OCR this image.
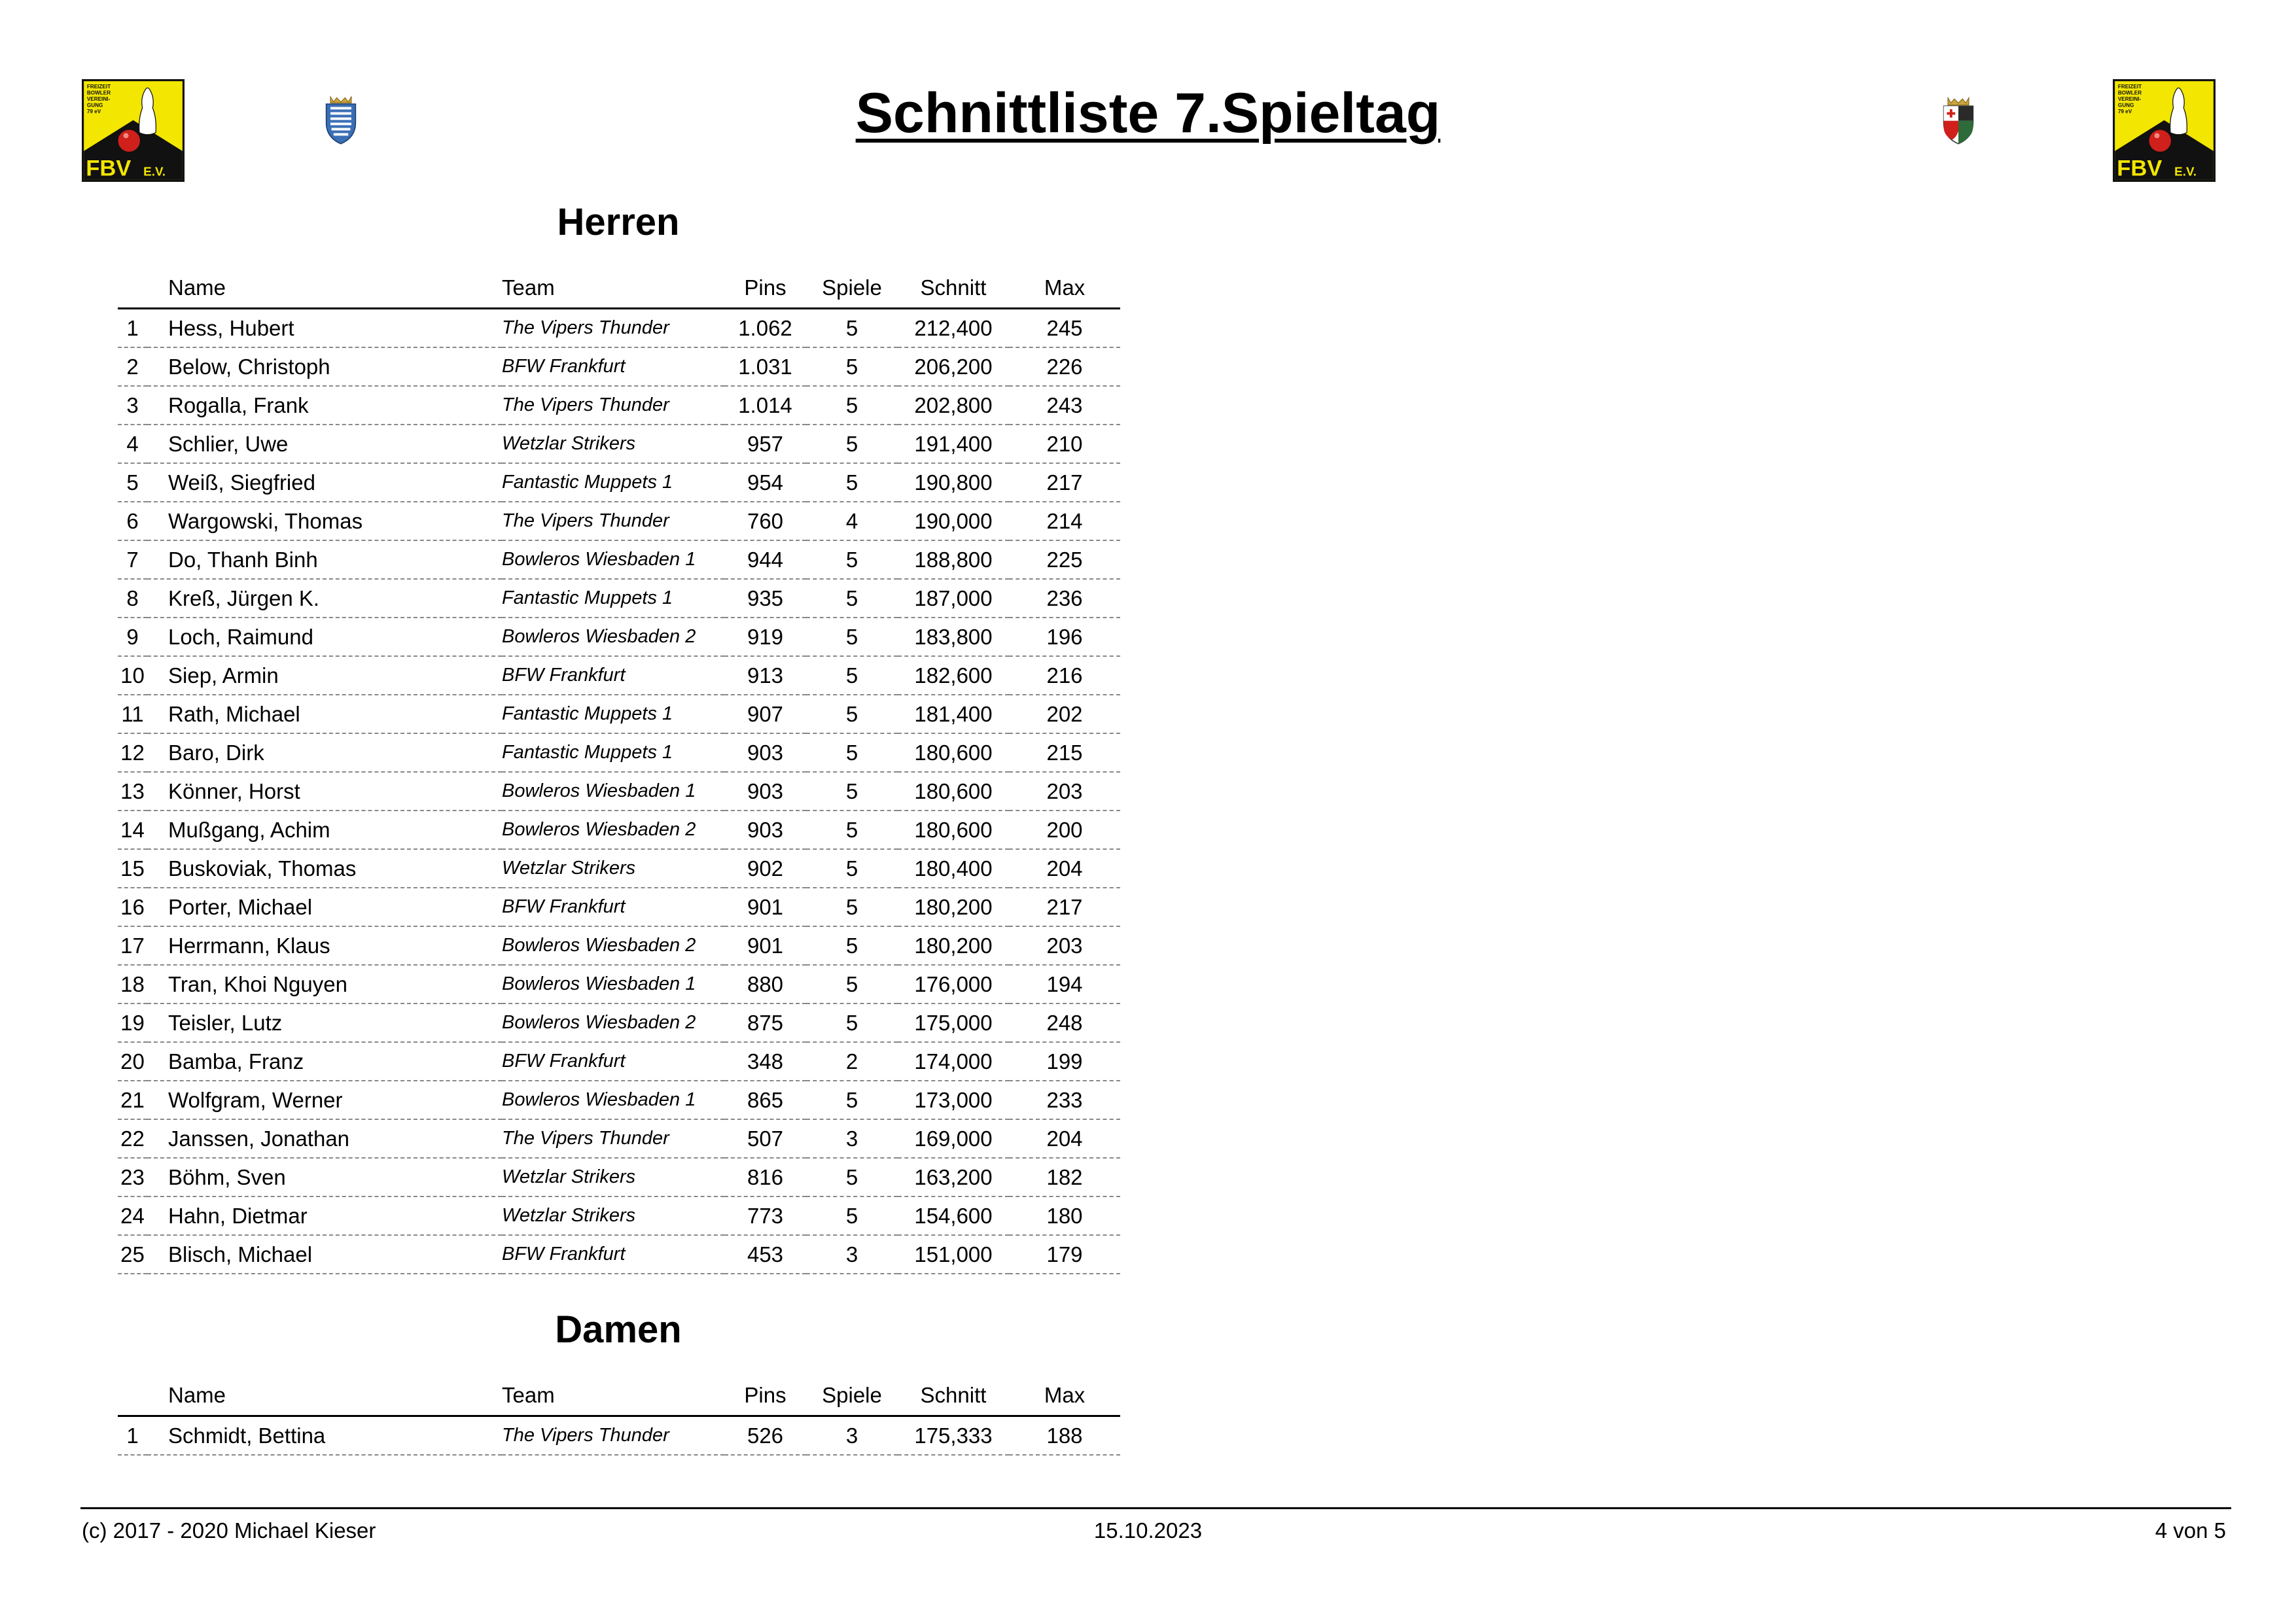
FREIZEIT
BOWLER
VEREINI-
GUNG
79 eV
FBV E.V.
Schnittliste 7.Spieltag	FREIZEIT
BOWLER
VEREINI-
GUNG
79 eV
FBV E.V.
Herren
	Name	Team	Pins	Spiele	Schnitt	Max
1	Hess, Hubert	The Vipers Thunder	1.062	5	212,400	245
2	Below, Christoph	BFW Frankfurt	1.031	5	206,200	226
3	Rogalla, Frank	The Vipers Thunder	1.014	5	202,800	243
4	Schlier, Uwe	Wetzlar Strikers	957	5	191,400	210
5	Weiß, Siegfried	Fantastic Muppets 1	954	5	190,800	217
6	Wargowski, Thomas	The Vipers Thunder	760	4	190,000	214
7	Do, Thanh Binh	Bowleros Wiesbaden 1	944	5	188,800	225
8	Kreß, Jürgen K.	Fantastic Muppets 1	935	5	187,000	236
9	Loch, Raimund	Bowleros Wiesbaden 2	919	5	183,800	196
10	Siep, Armin	BFW Frankfurt	913	5	182,600	216
11	Rath, Michael	Fantastic Muppets 1	907	5	181,400	202
12	Baro, Dirk	Fantastic Muppets 1	903	5	180,600	215
13	Könner, Horst	Bowleros Wiesbaden 1	903	5	180,600	203
14	Mußgang, Achim	Bowleros Wiesbaden 2	903	5	180,600	200
15	Buskoviak, Thomas	Wetzlar Strikers	902	5	180,400	204
16	Porter, Michael	BFW Frankfurt	901	5	180,200	217
17	Herrmann, Klaus	Bowleros Wiesbaden 2	901	5	180,200	203
18	Tran, Khoi Nguyen	Bowleros Wiesbaden 1	880	5	176,000	194
19	Teisler, Lutz	Bowleros Wiesbaden 2	875	5	175,000	248
20	Bamba, Franz	BFW Frankfurt	348	2	174,000	199
21	Wolfgram, Werner	Bowleros Wiesbaden 1	865	5	173,000	233
22	Janssen, Jonathan	The Vipers Thunder	507	3	169,000	204
23	Böhm, Sven	Wetzlar Strikers	816	5	163,200	182
24	Hahn, Dietmar	Wetzlar Strikers	773	5	154,600	180
25	Blisch, Michael	BFW Frankfurt	453	3	151,000	179
Damen
	Name	Team	Pins	Spiele	Schnitt	Max
1	Schmidt, Bettina	The Vipers Thunder	526	3	175,333	188
(c) 2017 - 2020 Michael Kieser	15.10.2023	4 von 5
